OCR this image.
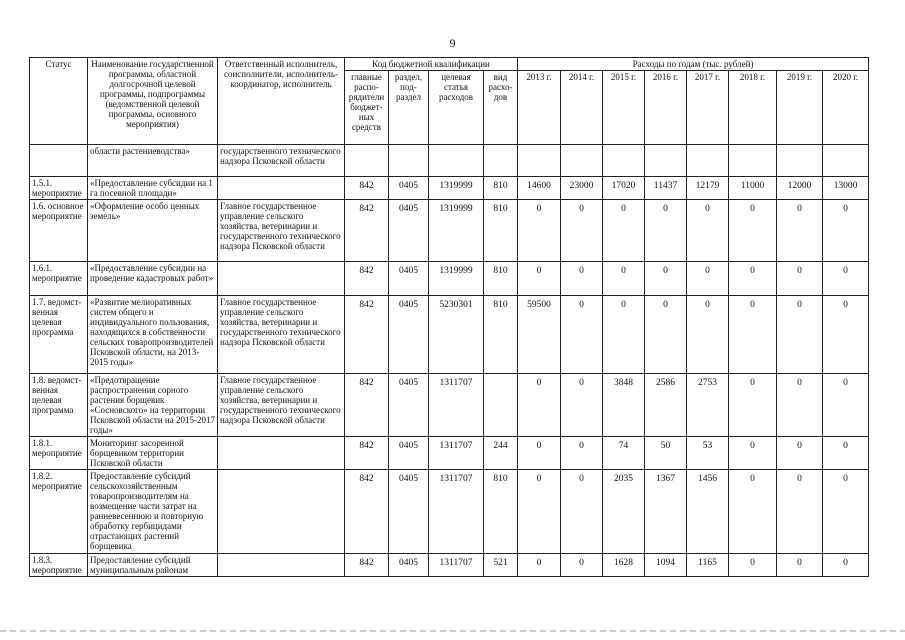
9
Статус	Наименование государственной программы, областной долгосрочной целевой программы, подпрограммы (ведомственной целевой программы, основного мероприятия)	Ответственный исполнитель, соисполнители, исполнитель-координатор, исполнитель	Код бюджетной квалификации				Расходы по годам (тыс. рублей)							
			главные распо-рядители бюджет-ных средств	раздел, под-раздел	целевая статья расходов	вид расхо-дов	2013 г.	2014 г.	2015 г.	2016 г.	2017 г.	2018 г.	2019 г.	2020 г.
	области растениеводства»	государственного технического надзора Псковской области												
1.5.1. мероприятие	«Предоставление субсидии на 1 га посевной площади»		842	0405	1319999	810	14600	23000	17020	11437	12179	11000	12000	13000
1.6. основное мероприятие	«Оформление особо ценных земель»	Главное государственное управление сельского хозяйства, ветеринарии и государственного технического надзора Псковской области	842	0405	1319999	810	0	0	0	0	0	0	0	0
1.6.1. мероприятие	«Предоставление субсидии на проведение кадастровых работ»		842	0405	1319999	810	0	0	0	0	0	0	0	0
1.7. ведомст-венная целевая программа	«Развитие мелиоративных систем общего и индивидуального пользования, находящихся в собственности сельских товаропроизводителей Псковской области, на 2013-2015 годы»	Главное государственное управление сельского хозяйства, ветеринарии и государственного технического надзора Псковской области	842	0405	5230301	810	59500	0	0	0	0	0	0	0
1.8. ведомст-венная целевая программа	«Предотвращение распространения сорного растения борщевик «Сосновского» на территории Псковской области на 2015-2017 годы»	Главное государственное управление сельского хозяйства, ветеринарии и государственного технического надзора Псковской области	842	0405	1311707		0	0	3848	2586	2753	0	0	0
1.8.1. мероприятие	Мониторинг засоренной борщевиком территории Псковской области		842	0405	1311707	244	0	0	74	50	53	0	0	0
1.8.2. мероприятие	Предоставление субсидий сельскохозяйственным товаропроизводителям на возмещение части затрат на ранневесеннюю и повторную обработку гербицидами отрастающих растений борщевика		842	0405	1311707	810	0	0	2035	1367	1456	0	0	0
1.8.3. мероприятие	Предоставление субсидий муниципальным районам		842	0405	1311707	521	0	0	1628	1094	1165	0	0	0
